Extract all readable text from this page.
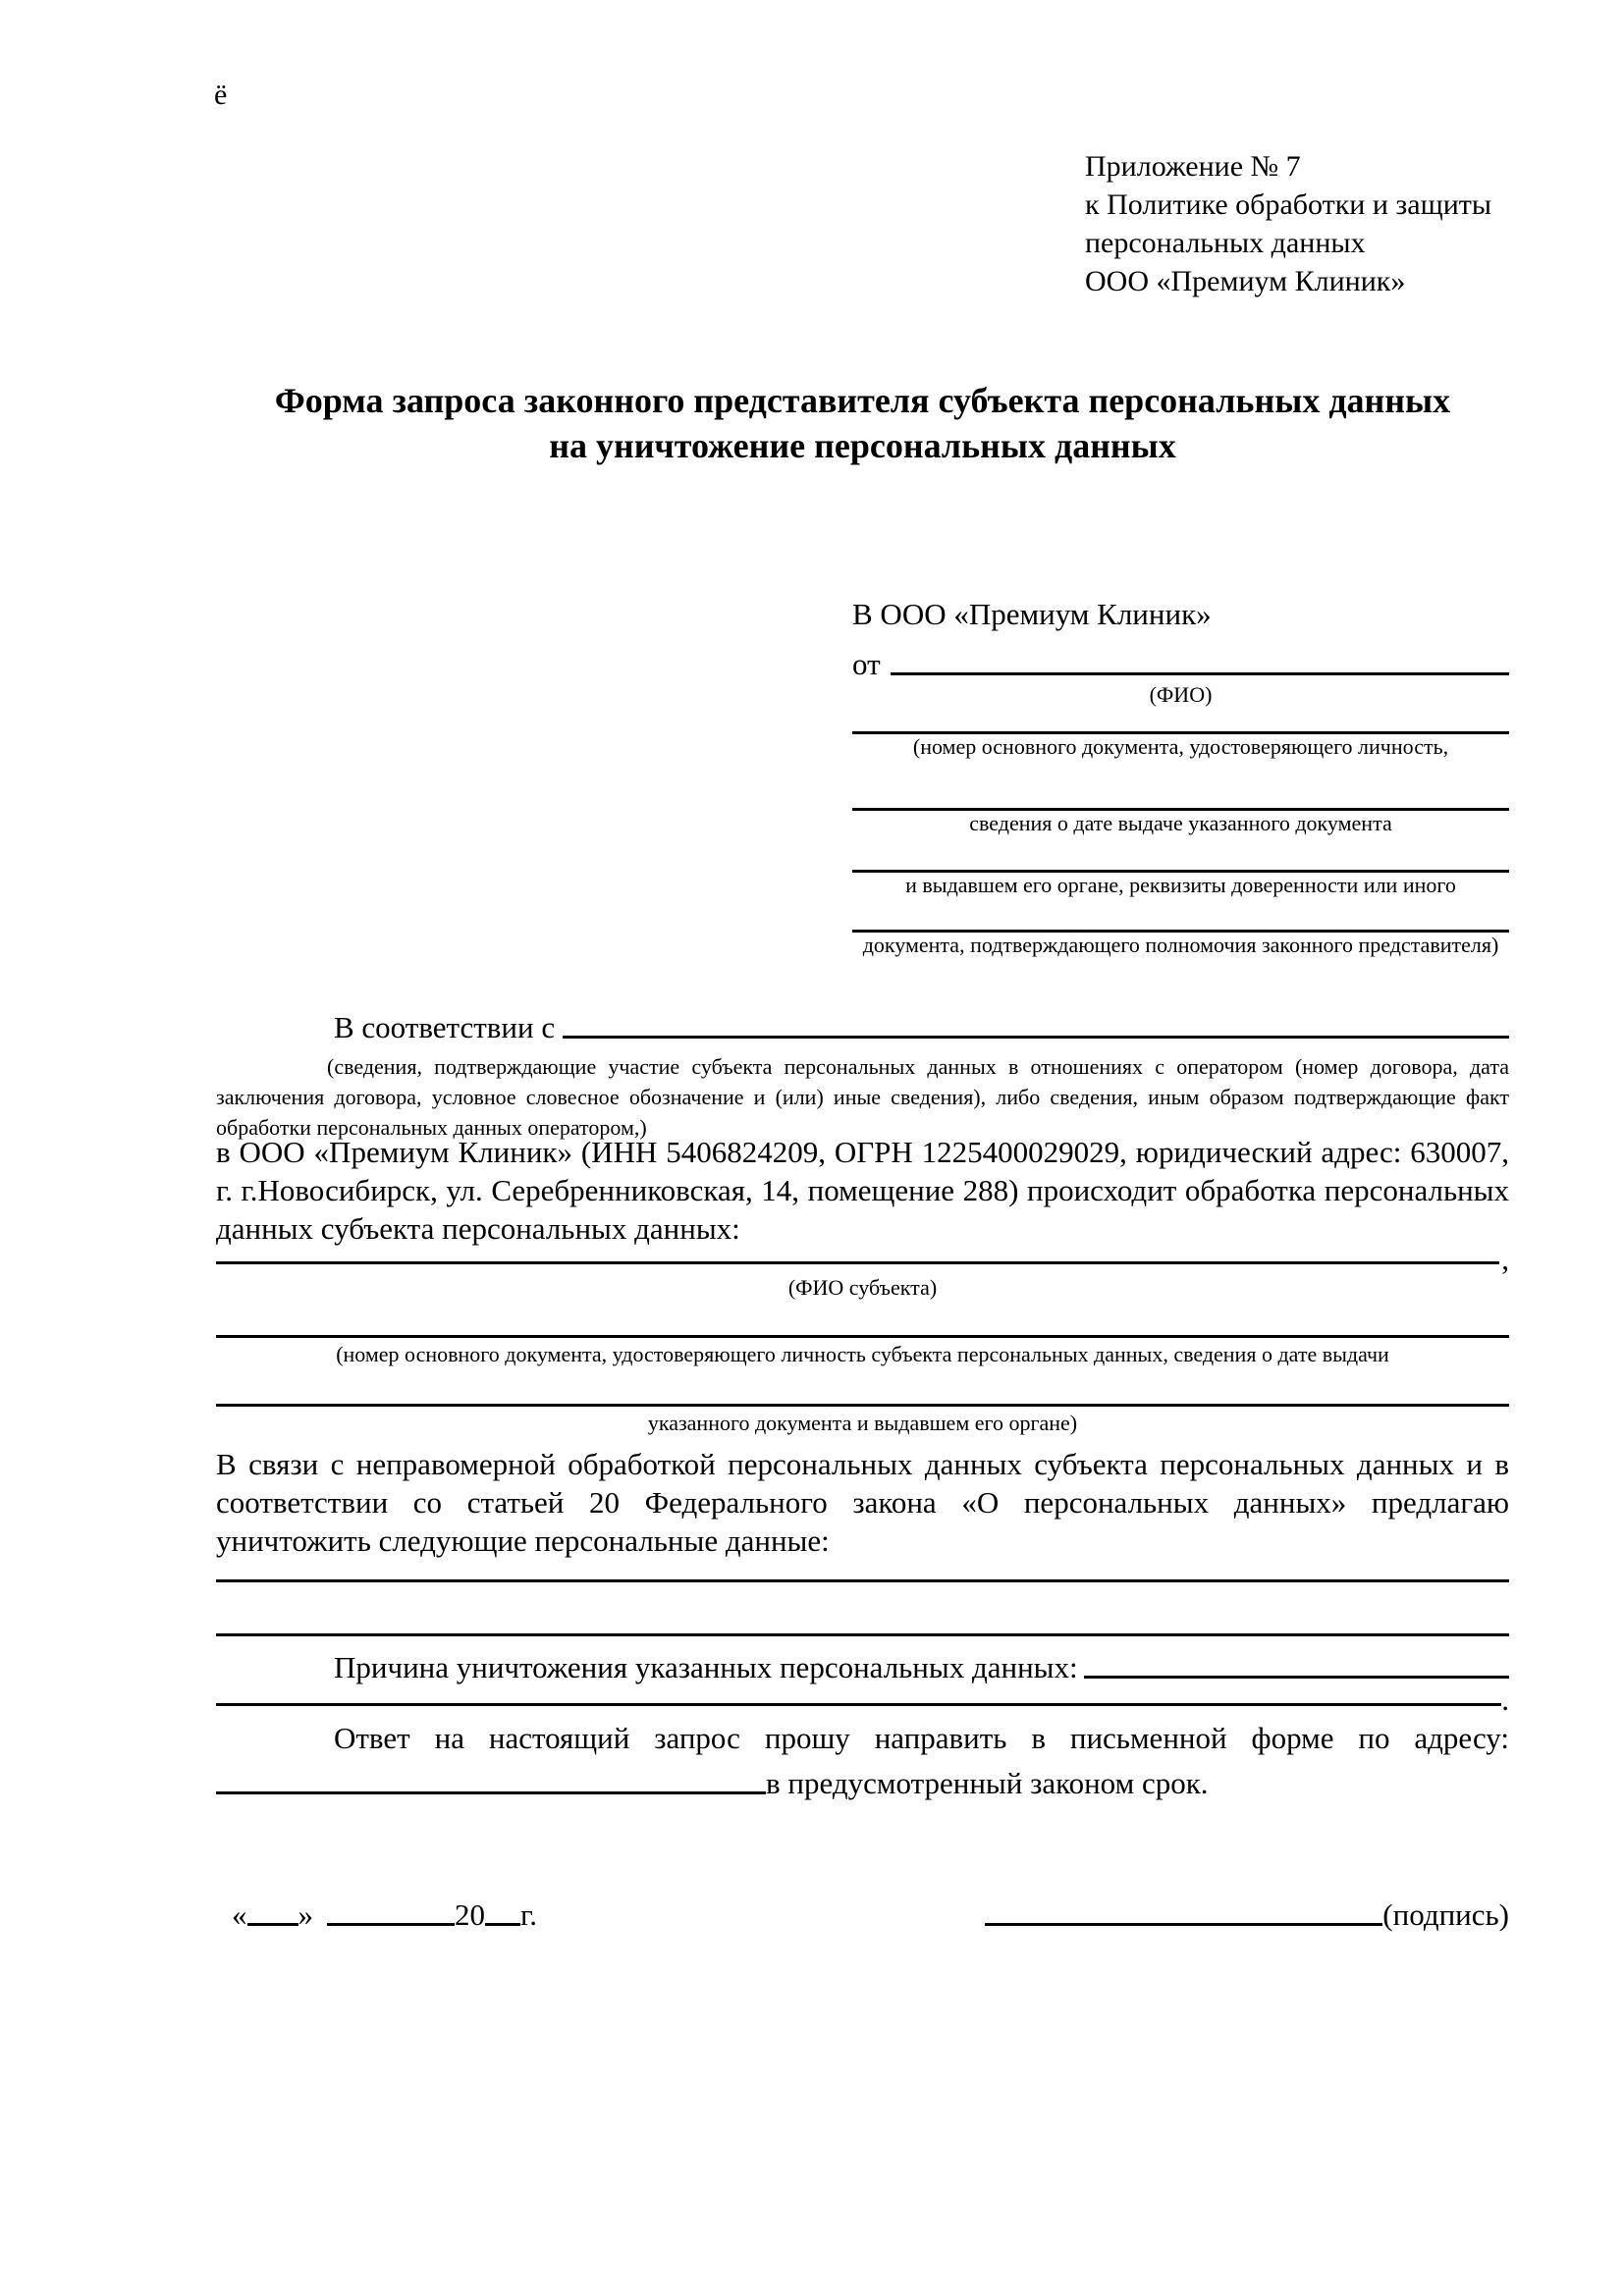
ё
Приложение № 7
к Политике обработки и защиты
персональных данных
ООО «Премиум Клиник»
Форма запроса законного представителя субъекта персональных данных
на уничтожение персональных данных
В ООО «Премиум Клиник»
от
(ФИО)
(номер основного документа, удостоверяющего личность,
сведения о дате выдаче указанного документа
и выдавшем его органе, реквизиты доверенности или иного
документа, подтверждающего полномочия законного представителя)
В соответствии с

(сведения, подтверждающие участие субъекта персональных данных в отношениях с оператором (номер договора, дата заключения договора, условное словесное обозначение и (или) иные сведения), либо сведения, иным образом подтверждающие факт обработки персональных данных оператором,)

в ООО «Премиум Клиник» (ИНН 5406824209, ОГРН 1225400029029, юридический адрес: 630007, г. г.Новосибирск, ул. Серебренниковская, 14, помещение 288) происходит обработка персональных данных субъекта персональных данных:

,
(ФИО субъекта)
(номер основного документа, удостоверяющего личность субъекта персональных данных, сведения о дате выдачи
указанного документа и выдавшем его органе)

В связи с неправомерной обработкой персональных данных субъекта персональных данных и в соответствии со статьей 20 Федерального закона «О персональных данных» предлагаю уничтожить следующие персональные данные:

Причина уничтожения указанных персональных данных:
.

Ответ на настоящий запрос прошу направить в письменной форме по адресу:

в предусмотренный законом срок.
« »	20 г.	(подпись)
